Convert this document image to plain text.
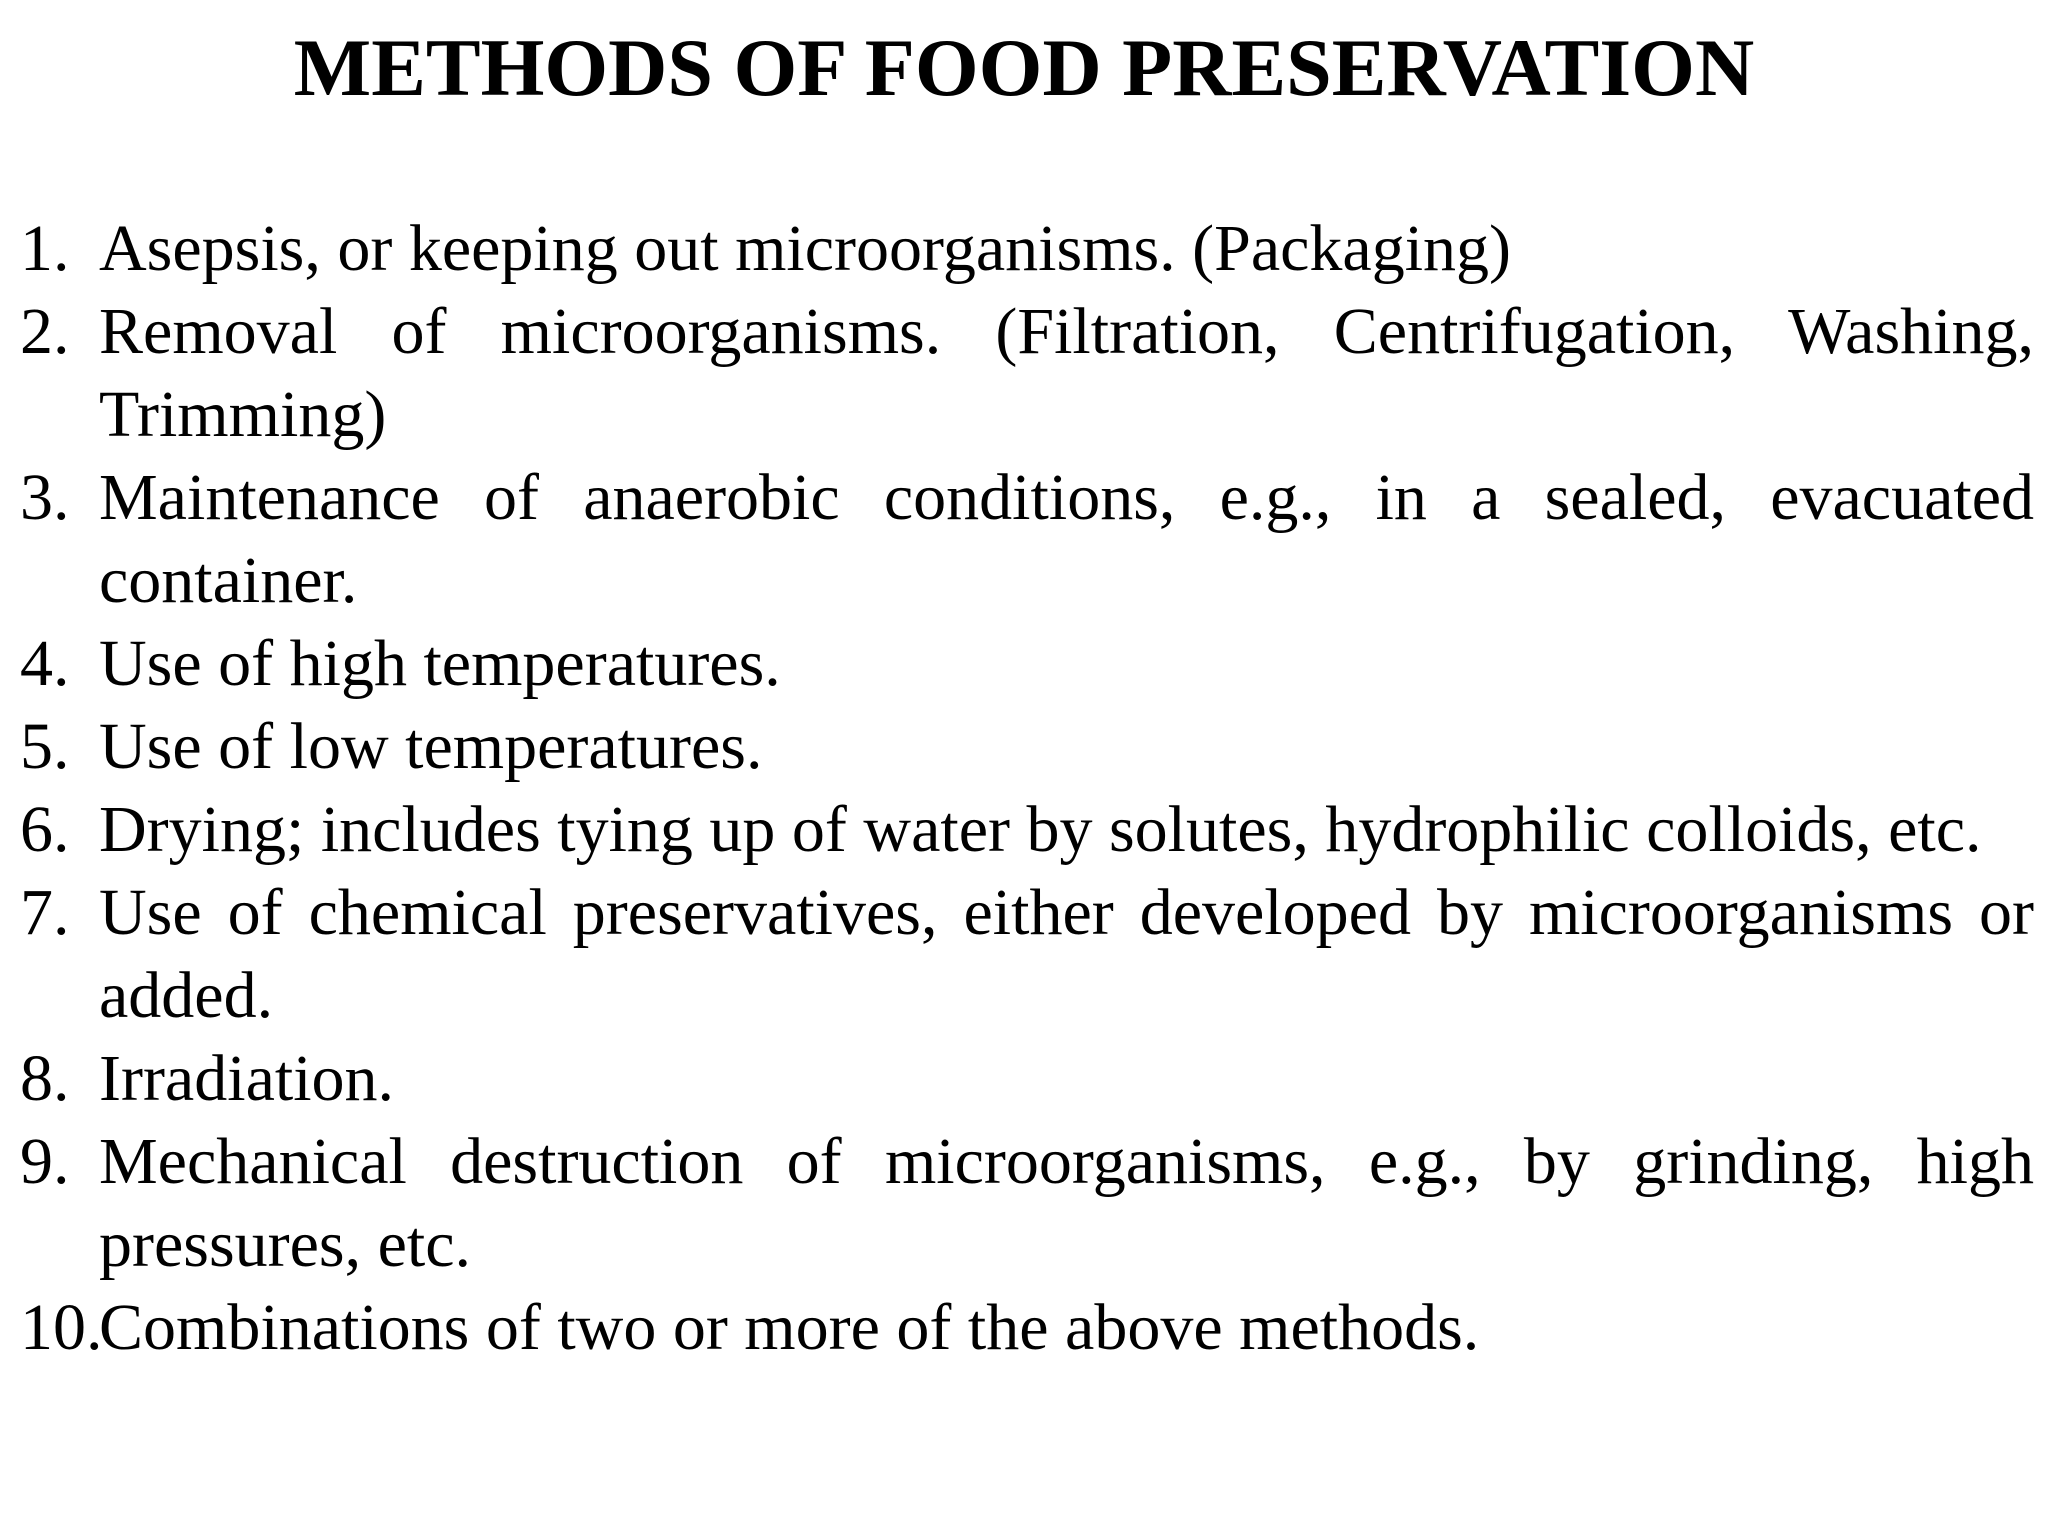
METHODS OF FOOD PRESERVATION
1. Asepsis, or keeping out microorganisms. (Packaging)
2. Removal of microorganisms. (Filtration, Centrifugation, Washing, Trimming)
3. Maintenance of anaerobic conditions, e.g., in a sealed, evacuated container.
4. Use of high temperatures.
5. Use of low temperatures.
6. Drying; includes tying up of water by solutes, hydrophilic colloids, etc.
7. Use of chemical preservatives, either developed by microorganisms or added.
8. Irradiation.
9. Mechanical destruction of microorganisms, e.g., by grinding, high pressures, etc.
10.
Combinations of two or more of the above methods.
